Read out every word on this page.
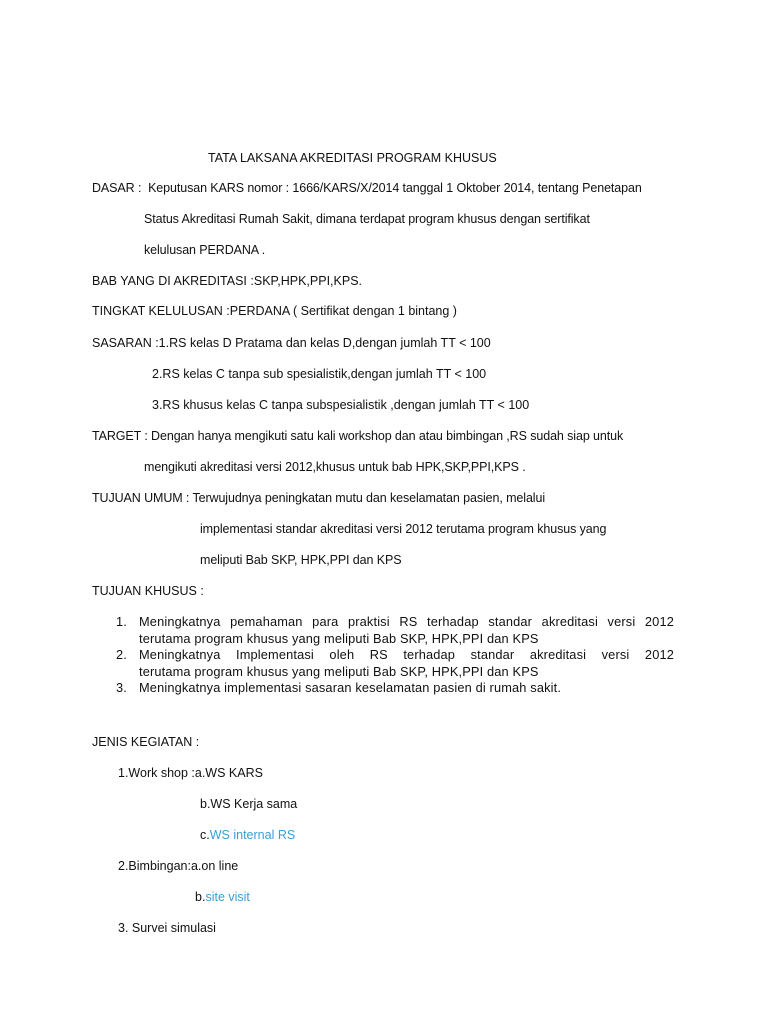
TATA LAKSANA AKREDITASI PROGRAM KHUSUS
DASAR : Keputusan KARS nomor : 1666/KARS/X/2014 tanggal 1 Oktober 2014, tentang Penetapan
Status Akreditasi Rumah Sakit, dimana terdapat program khusus dengan sertifikat
kelulusan PERDANA .
BAB YANG DI AKREDITASI :SKP,HPK,PPI,KPS.
TINGKAT KELULUSAN :PERDANA ( Sertifikat dengan 1 bintang )
SASARAN :1.RS kelas D Pratama dan kelas D,dengan jumlah TT < 100
2.RS kelas C tanpa sub spesialistik,dengan jumlah TT < 100
3.RS khusus kelas C tanpa subspesialistik ,dengan jumlah TT < 100
TARGET : Dengan hanya mengikuti satu kali workshop dan atau bimbingan ,RS sudah siap untuk
mengikuti akreditasi versi 2012,khusus untuk bab HPK,SKP,PPI,KPS .
TUJUAN UMUM : Terwujudnya peningkatan mutu dan keselamatan pasien, melalui
implementasi standar akreditasi versi 2012 terutama program khusus yang
meliputi Bab SKP, HPK,PPI dan KPS
TUJUAN KHUSUS :
1. Meningkatnya pemahaman para praktisi RS terhadap standar akreditasi versi 2012
terutama program khusus yang meliputi Bab SKP, HPK,PPI dan KPS
2. Meningkatnya Implementasi oleh RS terhadap standar akreditasi versi 2012
terutama program khusus yang meliputi Bab SKP, HPK,PPI dan KPS
3. Meningkatnya implementasi sasaran keselamatan pasien di rumah sakit.
JENIS KEGIATAN :
1.Work shop :a.WS KARS
b.WS Kerja sama
c.WS internal RS
2.Bimbingan:a.on line
b.site visit
3. Survei simulasi
